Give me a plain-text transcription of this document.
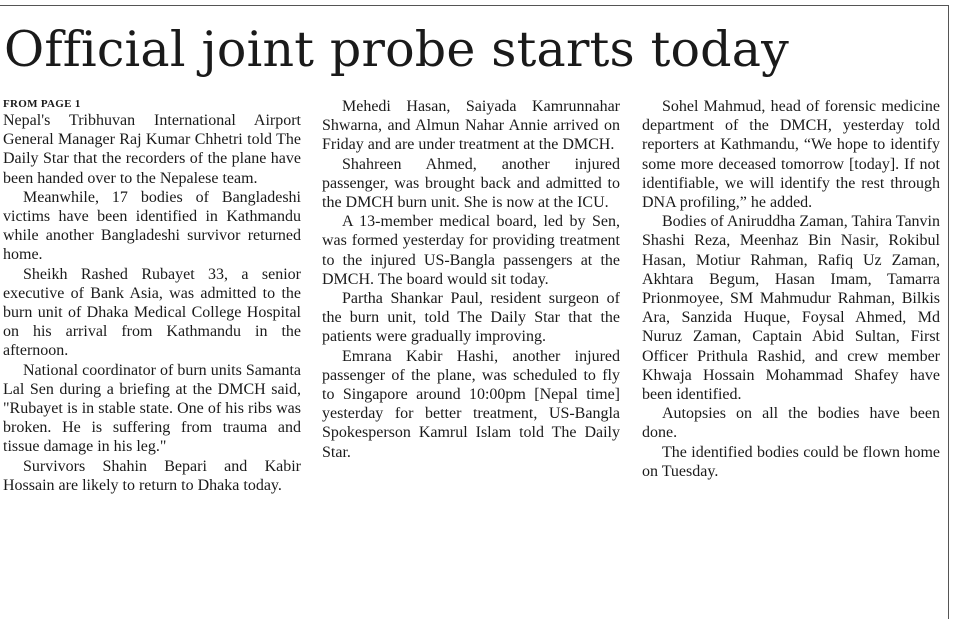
Official joint probe starts today
FROM PAGE 1

Nepal's Tribhuvan International Airport General Manager Raj Kumar Chhetri told The Daily Star that the recorders of the plane have been handed over to the Nepalese team.

Meanwhile, 17 bodies of Bangladeshi victims have been identified in Kathmandu while another Bangladeshi survivor returned home.

Sheikh Rashed Rubayet 33, a senior executive of Bank Asia, was admitted to the burn unit of Dhaka Medical College Hospital on his arrival from Kathmandu in the afternoon.

National coordinator of burn units Samanta Lal Sen during a briefing at the DMCH said, "Rubayet is in stable state. One of his ribs was broken. He is suffering from trauma and tissue damage in his leg."

Survivors Shahin Bepari and Kabir Hossain are likely to return to Dhaka today.

Mehedi Hasan, Saiyada Kamrunnahar Shwarna, and Almun Nahar Annie arrived on Friday and are under treatment at the DMCH.

Shahreen Ahmed, another injured passenger, was brought back and admitted to the DMCH burn unit. She is now at the ICU.

A 13-member medical board, led by Sen, was formed yesterday for providing treatment to the injured US-Bangla passengers at the DMCH. The board would sit today.

Partha Shankar Paul, resident surgeon of the burn unit, told The Daily Star that the patients were gradually improving.

Emrana Kabir Hashi, another injured passenger of the plane, was scheduled to fly to Singapore around 10:00pm [Nepal time] yesterday for better treatment, US-Bangla Spokesperson Kamrul Islam told The Daily Star.

Sohel Mahmud, head of forensic medicine department of the DMCH, yesterday told reporters at Kathmandu, “We hope to identify some more deceased tomorrow [today]. If not identifiable, we will identify the rest through DNA profiling,” he added.

Bodies of Aniruddha Zaman, Tahira Tanvin Shashi Reza, Meenhaz Bin Nasir, Rokibul Hasan, Motiur Rahman, Rafiq Uz Zaman, Akhtara Begum, Hasan Imam, Tamarra Prionmoyee, SM Mahmudur Rahman, Bilkis Ara, Sanzida Huque, Foysal Ahmed, Md Nuruz Zaman, Captain Abid Sultan, First Officer Prithula Rashid, and crew member Khwaja Hossain Mohammad Shafey have been identified.

Autopsies on all the bodies have been done.

The identified bodies could be flown home on Tuesday.
